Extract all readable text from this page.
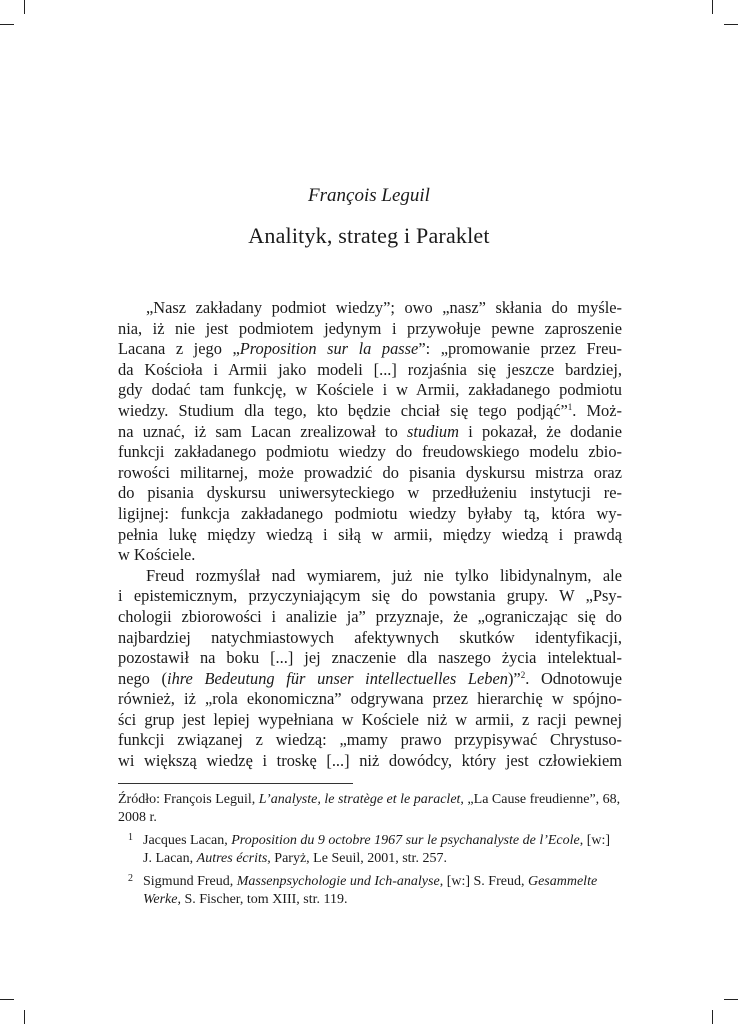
François Leguil
Analityk, strateg i Paraklet

„Nasz zakładany podmiot wiedzy”; owo „nasz” skłania do myśle-
nia, iż nie jest podmiotem jedynym i przywołuje pewne zaproszenie
Lacana z jego „Proposition sur la passe”: „promowanie przez Freu-
da Kościoła i Armii jako modeli [...] rozjaśnia się jeszcze bardziej,
gdy dodać tam funkcję, w Kościele i w Armii, zakładanego podmiotu
wiedzy. Studium dla tego, kto będzie chciał się tego podjąć”$^1$. Moż-
na uznać, iż sam Lacan zrealizował to studium i pokazał, że dodanie
funkcji zakładanego podmiotu wiedzy do freudowskiego modelu zbio-
rowości militarnej, może prowadzić do pisania dyskursu mistrza oraz
do pisania dyskursu uniwersyteckiego w przedłużeniu instytucji re-
ligijnej: funkcja zakładanego podmiotu wiedzy byłaby tą, która wy-
pełnia lukę między wiedzą i siłą w armii, między wiedzą i prawdą
w Kościele.

Freud rozmyślał nad wymiarem, już nie tylko libidynalnym, ale
i epistemicznym, przyczyniającym się do powstania grupy. W „Psy-
chologii zbiorowości i analizie ja” przyznaje, że „ograniczając się do
najbardziej natychmiastowych afektywnych skutków identyfikacji,
pozostawił na boku [...] jej znaczenie dla naszego życia intelektual-
nego (ihre Bedeutung für unser intellectuelles Leben)”$^2$. Odnotowuje
również, iż „rola ekonomiczna” odgrywana przez hierarchię w spójno-
ści grup jest lepiej wypełniana w Kościele niż w armii, z racji pewnej
funkcji związanej z wiedzą: „mamy prawo przypisywać Chrystuso-
wi większą wiedzę i troskę [...] niż dowódcy, który jest człowiekiem

Źródło: François Leguil, L’analyste, le stratège et le paraclet, „La Cause freudienne”, 68, 2008 r.

1 Jacques Lacan, Proposition du 9 octobre 1967 sur le psychanalyste de l’Ecole, [w:] J. Lacan, Autres écrits, Paryż, Le Seuil, 2001, str. 257.

2 Sigmund Freud, Massenpsychologie und Ich-analyse, [w:] S. Freud, Gesammelte Werke, S. Fischer, tom XIII, str. 119.
